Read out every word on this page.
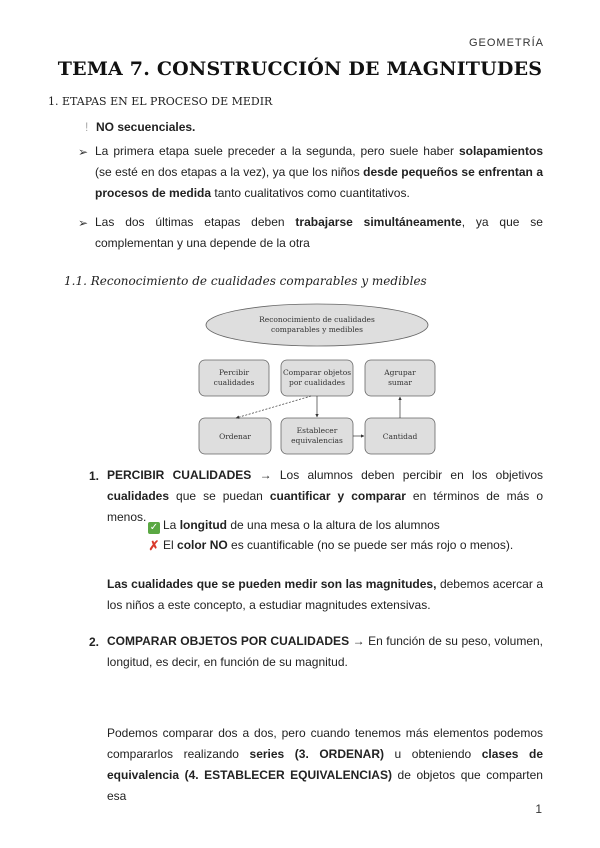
GEOMETRÍA
TEMA 7. CONSTRUCCIÓN DE MAGNITUDES
1. ETAPAS EN EL PROCESO DE MEDIR
! NO secuenciales.
➢ La primera etapa suele preceder a la segunda, pero suele haber solapamientos (se esté en dos etapas a la vez), ya que los niños desde pequeños se enfrentan a procesos de medida tanto cualitativos como cuantitativos.
➢ Las dos últimas etapas deben trabajarse simultáneamente, ya que se complementan y una depende de la otra
1.1. Reconocimiento de cualidades comparables y medibles
Reconocimiento de cualidades
comparables y medibles
Percibir
cualidades
Comparar objetos
por cualidades
Agrupar
sumar
Ordenar
Establecer
equivalencias	Cantidad
1. PERCIBIR CUALIDADES → Los alumnos deben percibir en los objetivos cualidades que se puedan cuantificar y comparar en términos de más o menos.
✓ La longitud de una mesa o la altura de los alumnos
✗ El color NO es cuantificable (no se puede ser más rojo o menos).
Las cualidades que se pueden medir son las magnitudes, debemos acercar a los niños a este concepto, a estudiar magnitudes extensivas.
2. COMPARAR OBJETOS POR CUALIDADES → En función de su peso, volumen, longitud, es decir, en función de su magnitud.
Podemos comparar dos a dos, pero cuando tenemos más elementos podemos compararlos realizando series (3. ORDENAR) u obteniendo clases de equivalencia (4. ESTABLECER EQUIVALENCIAS) de objetos que comparten esa
1
